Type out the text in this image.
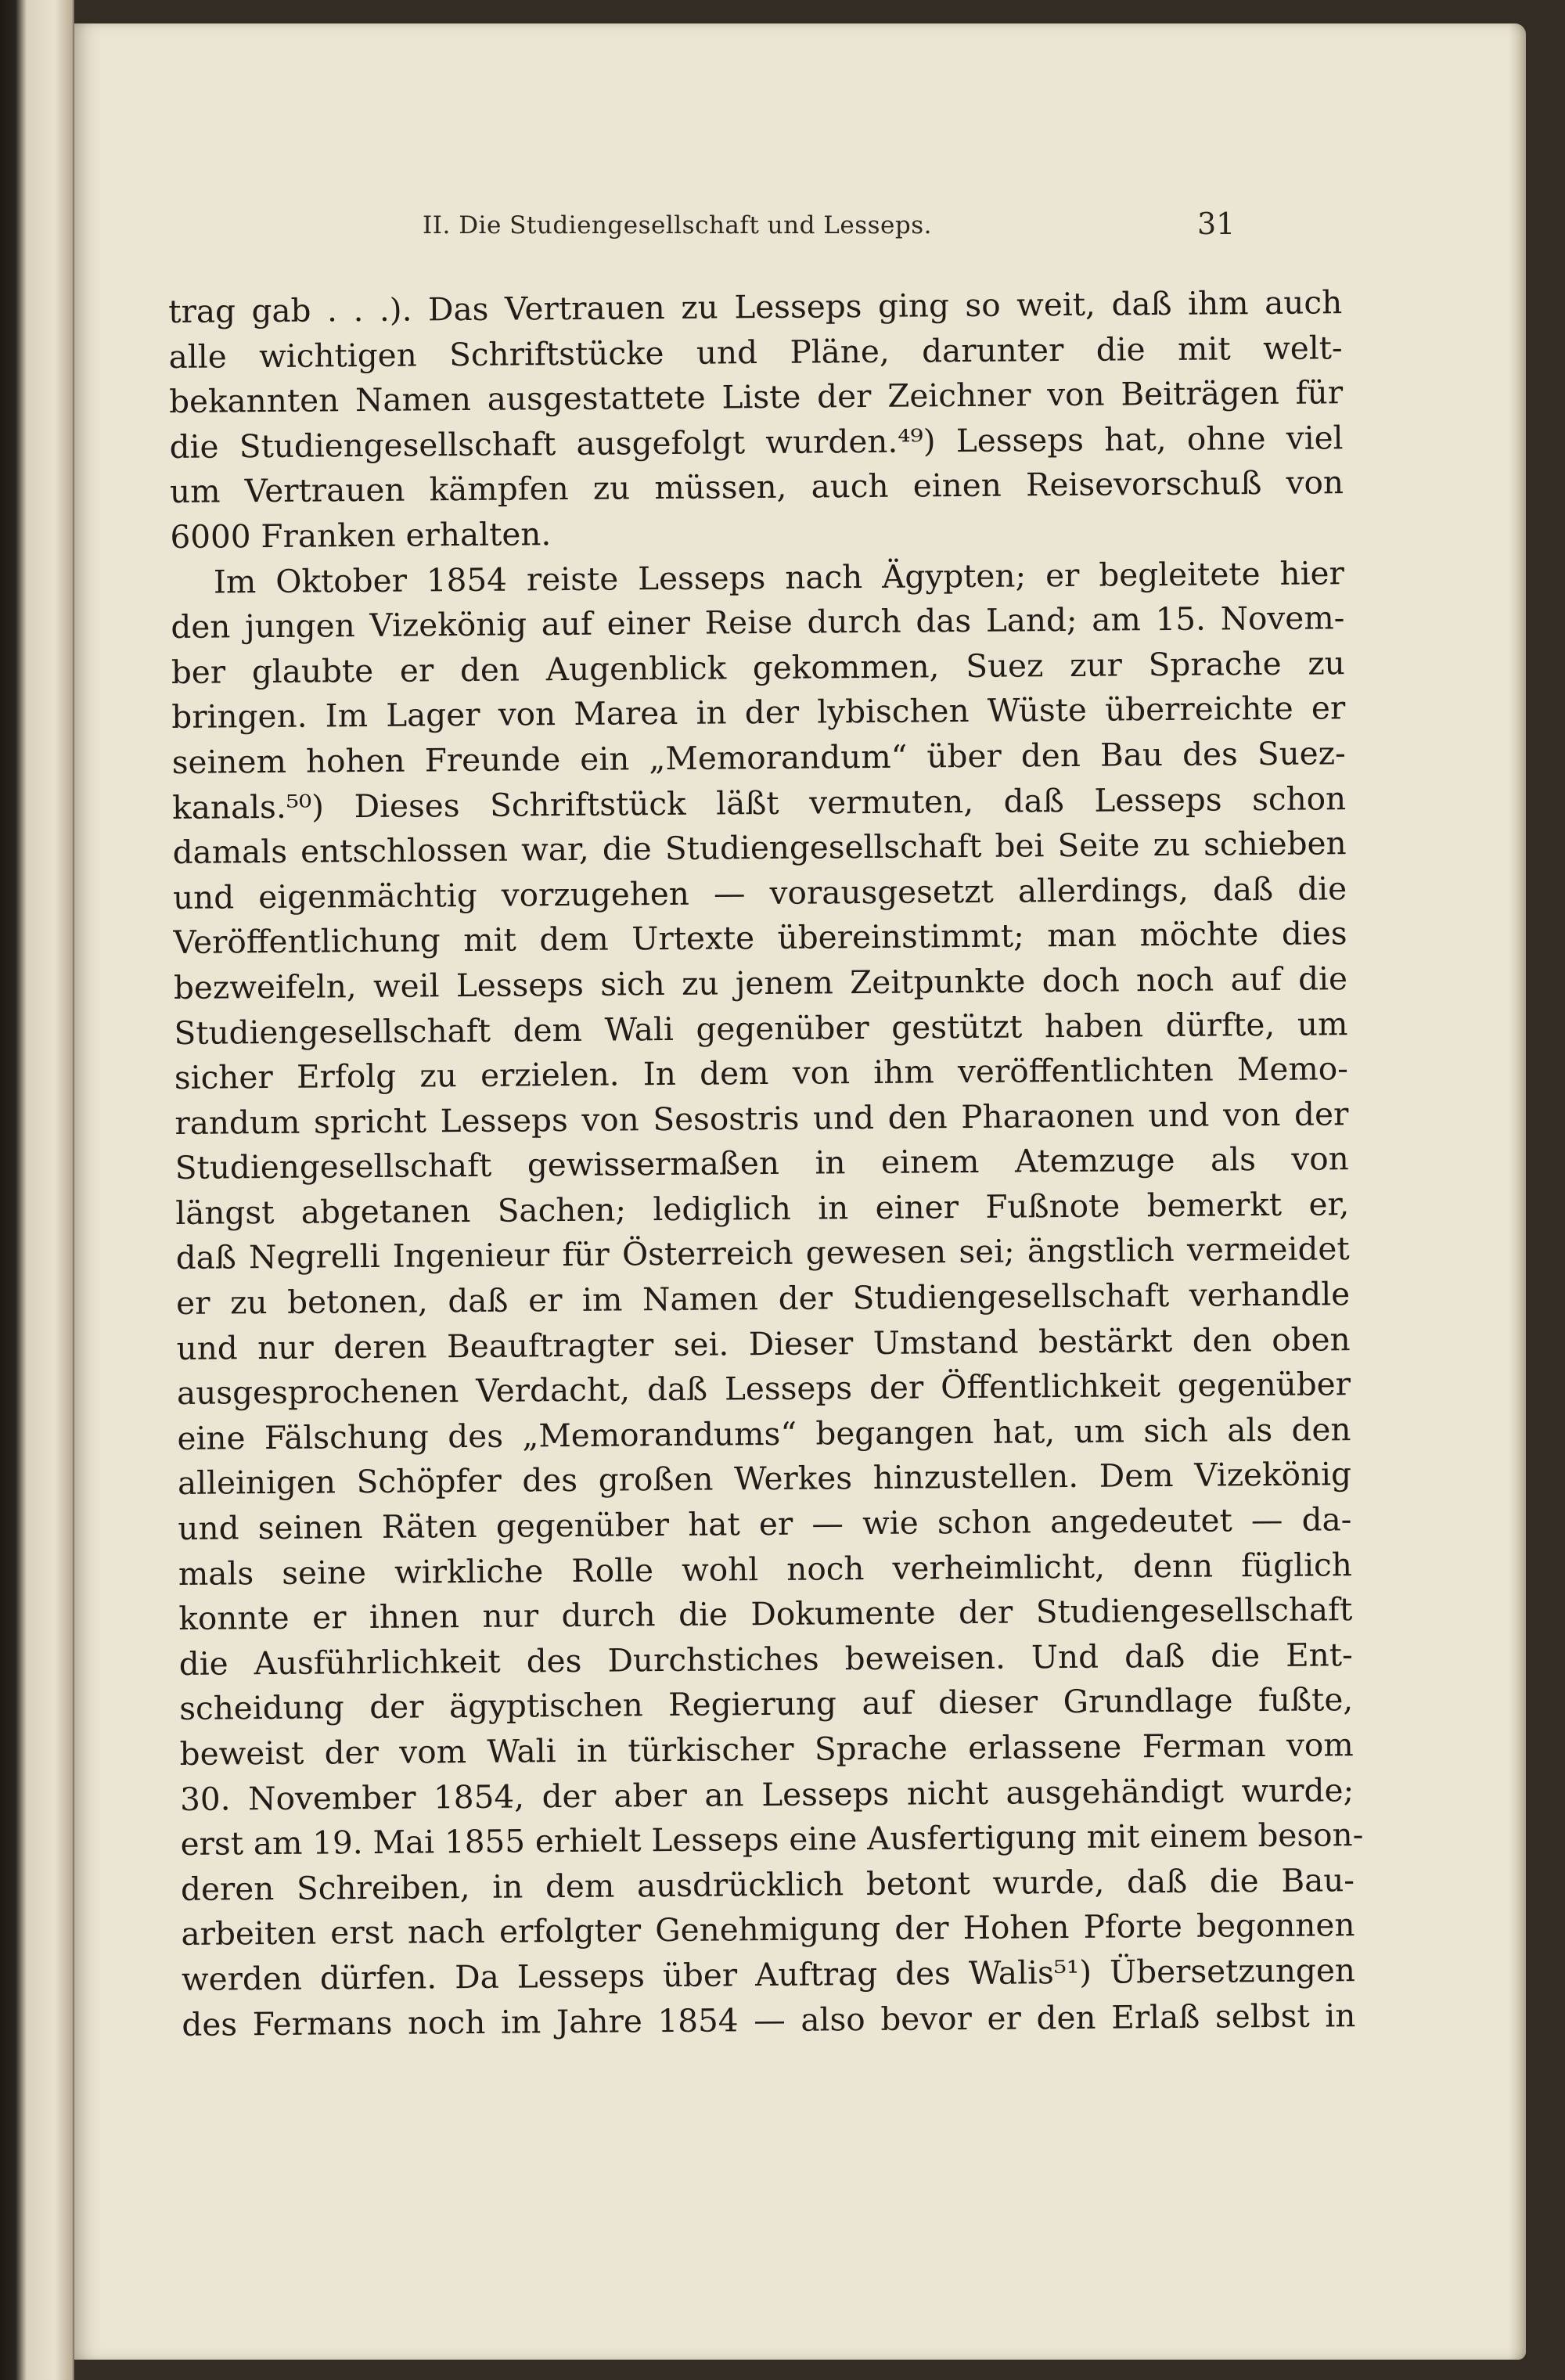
II. Die Studiengesellschaft und Lesseps.	31
trag gab . . .). Das Vertrauen zu Lesseps ging so weit, daß ihm auch
alle wichtigen Schriftstücke und Pläne, darunter die mit welt-
bekannten Namen ausgestattete Liste der Zeichner von Beiträgen für
die Studiengesellschaft ausgefolgt wurden.⁴⁹) Lesseps hat, ohne viel
um Vertrauen kämpfen zu müssen, auch einen Reisevorschuß von
6000 Franken erhalten.
Im Oktober 1854 reiste Lesseps nach Ägypten; er begleitete hier
den jungen Vizekönig auf einer Reise durch das Land; am 15. Novem-
ber glaubte er den Augenblick gekommen, Suez zur Sprache zu
bringen. Im Lager von Marea in der lybischen Wüste überreichte er
seinem hohen Freunde ein „Memorandum“ über den Bau des Suez-
kanals.⁵⁰) Dieses Schriftstück läßt vermuten, daß Lesseps schon
damals entschlossen war, die Studiengesellschaft bei Seite zu schieben
und eigenmächtig vorzugehen — vorausgesetzt allerdings, daß die
Veröffentlichung mit dem Urtexte übereinstimmt; man möchte dies
bezweifeln, weil Lesseps sich zu jenem Zeitpunkte doch noch auf die
Studiengesellschaft dem Wali gegenüber gestützt haben dürfte, um
sicher Erfolg zu erzielen. In dem von ihm veröffentlichten Memo-
randum spricht Lesseps von Sesostris und den Pharaonen und von der
Studiengesellschaft gewissermaßen in einem Atemzuge als von
längst abgetanen Sachen; lediglich in einer Fußnote bemerkt er,
daß Negrelli Ingenieur für Österreich gewesen sei; ängstlich vermeidet
er zu betonen, daß er im Namen der Studiengesellschaft verhandle
und nur deren Beauftragter sei. Dieser Umstand bestärkt den oben
ausgesprochenen Verdacht, daß Lesseps der Öffentlichkeit gegenüber
eine Fälschung des „Memorandums“ begangen hat, um sich als den
alleinigen Schöpfer des großen Werkes hinzustellen. Dem Vizekönig
und seinen Räten gegenüber hat er — wie schon angedeutet — da-
mals seine wirkliche Rolle wohl noch verheimlicht, denn füglich
konnte er ihnen nur durch die Dokumente der Studiengesellschaft
die Ausführlichkeit des Durchstiches beweisen. Und daß die Ent-
scheidung der ägyptischen Regierung auf dieser Grundlage fußte,
beweist der vom Wali in türkischer Sprache erlassene Ferman vom
30. November 1854, der aber an Lesseps nicht ausgehändigt wurde;
erst am 19. Mai 1855 erhielt Lesseps eine Ausfertigung mit einem beson-
deren Schreiben, in dem ausdrücklich betont wurde, daß die Bau-
arbeiten erst nach erfolgter Genehmigung der Hohen Pforte begonnen
werden dürfen. Da Lesseps über Auftrag des Walis⁵¹) Übersetzungen
des Fermans noch im Jahre 1854 — also bevor er den Erlaß selbst in
